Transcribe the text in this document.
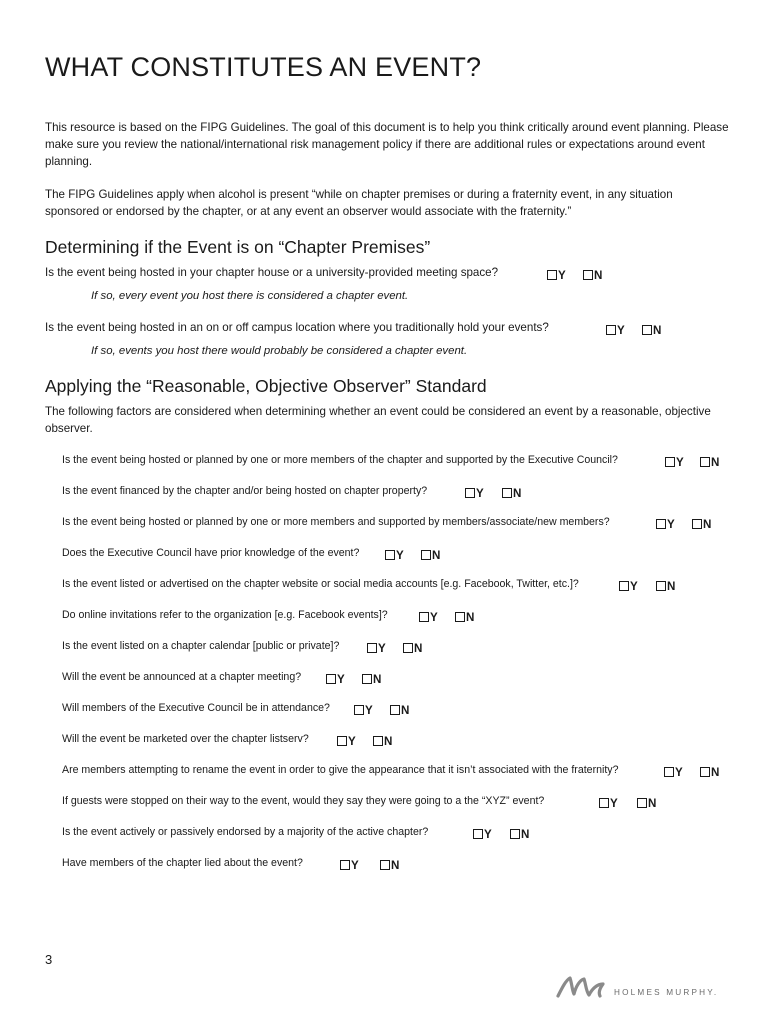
WHAT CONSTITUTES AN EVENT?

This resource is based on the FIPG Guidelines. The goal of this document is to help you think critically around event planning. Please make sure you review the national/international risk management policy if there are additional rules or expectations around event planning.

The FIPG Guidelines apply when alcohol is present “while on chapter premises or during a fraternity event, in any situation sponsored or endorsed by the chapter, or at any event an observer would associate with the fraternity.”

Determining if the Event is on “Chapter Premises”
Is the event being hosted in your chapter house or a university-provided meeting space?	Y	N
If so, every event you host there is considered a chapter event.
Is the event being hosted in an on or off campus location where you traditionally hold your events?	Y	N
If so, events you host there would probably be considered a chapter event.
Applying the “Reasonable, Objective Observer” Standard

The following factors are considered when determining whether an event could be considered an event by a reasonable, objective observer.

Is the event being hosted or planned by one or more members of the chapter and supported by the Executive Council?	Y	N
Is the event financed by the chapter and/or being hosted on chapter property?	Y	N
Is the event being hosted or planned by one or more members and supported by members/associate/new members?	Y	N
Does the Executive Council have prior knowledge of the event?	Y	N
Is the event listed or advertised on the chapter website or social media accounts [e.g. Facebook, Twitter, etc.]?	Y	N
Do online invitations refer to the organization [e.g. Facebook events]?	Y	N
Is the event listed on a chapter calendar [public or private]?	Y	N
Will the event be announced at a chapter meeting?	Y	N
Will members of the Executive Council be in attendance?	Y	N
Will the event be marketed over the chapter listserv?	Y	N
Are members attempting to rename the event in order to give the appearance that it isn’t associated with the fraternity?	Y	N
If guests were stopped on their way to the event, would they say they were going to a the “XYZ” event?	Y	N
Is the event actively or passively endorsed by a majority of the active chapter?	Y	N
Have members of the chapter lied about the event?	Y	N
3
HOLMES MURPHY.
